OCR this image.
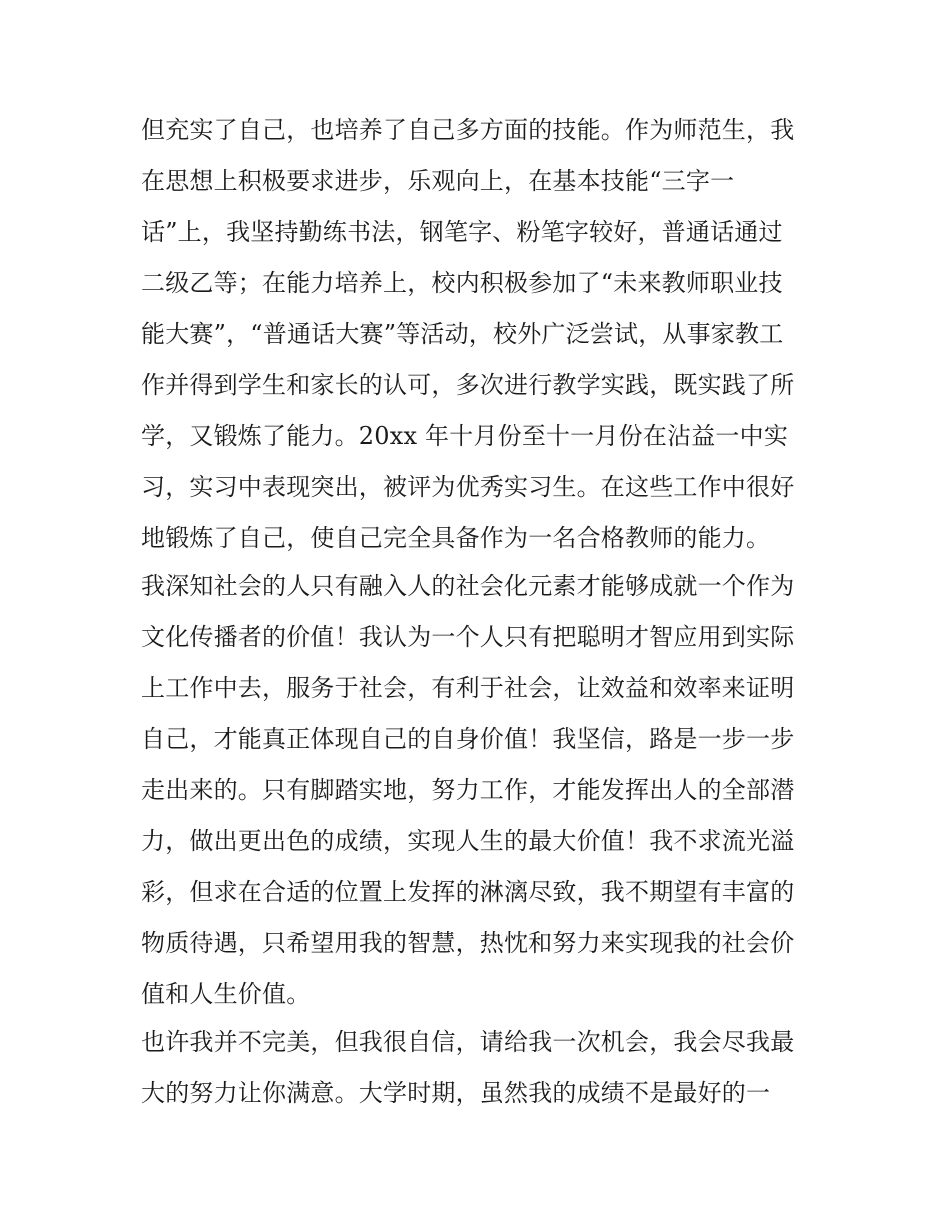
但充实了自己，也培养了自己多方面的技能。作为师范生，我
在思想上积极要求进步，乐观向上，在基本技能“三字一
话”上，我坚持勤练书法，钢笔字、粉笔字较好，普通话通过
二级乙等；在能力培养上，校内积极参加了“未来教师职业技
能大赛”，“普通话大赛”等活动，校外广泛尝试，从事家教工
作并得到学生和家长的认可，多次进行教学实践，既实践了所
学，又锻炼了能力。20xx 年十月份至十一月份在沾益一中实
习，实习中表现突出，被评为优秀实习生。在这些工作中很好
地锻炼了自己，使自己完全具备作为一名合格教师的能力。
我深知社会的人只有融入人的社会化元素才能够成就一个作为
文化传播者的价值！我认为一个人只有把聪明才智应用到实际
上工作中去，服务于社会，有利于社会，让效益和效率来证明
自己，才能真正体现自己的自身价值！我坚信，路是一步一步
走出来的。只有脚踏实地，努力工作，才能发挥出人的全部潜
力，做出更出色的成绩，实现人生的最大价值！我不求流光溢
彩，但求在合适的位置上发挥的淋漓尽致，我不期望有丰富的
物质待遇，只希望用我的智慧，热忱和努力来实现我的社会价
值和人生价值。
也许我并不完美，但我很自信，请给我一次机会，我会尽我最
大的努力让你满意。大学时期，虽然我的成绩不是最好的一
